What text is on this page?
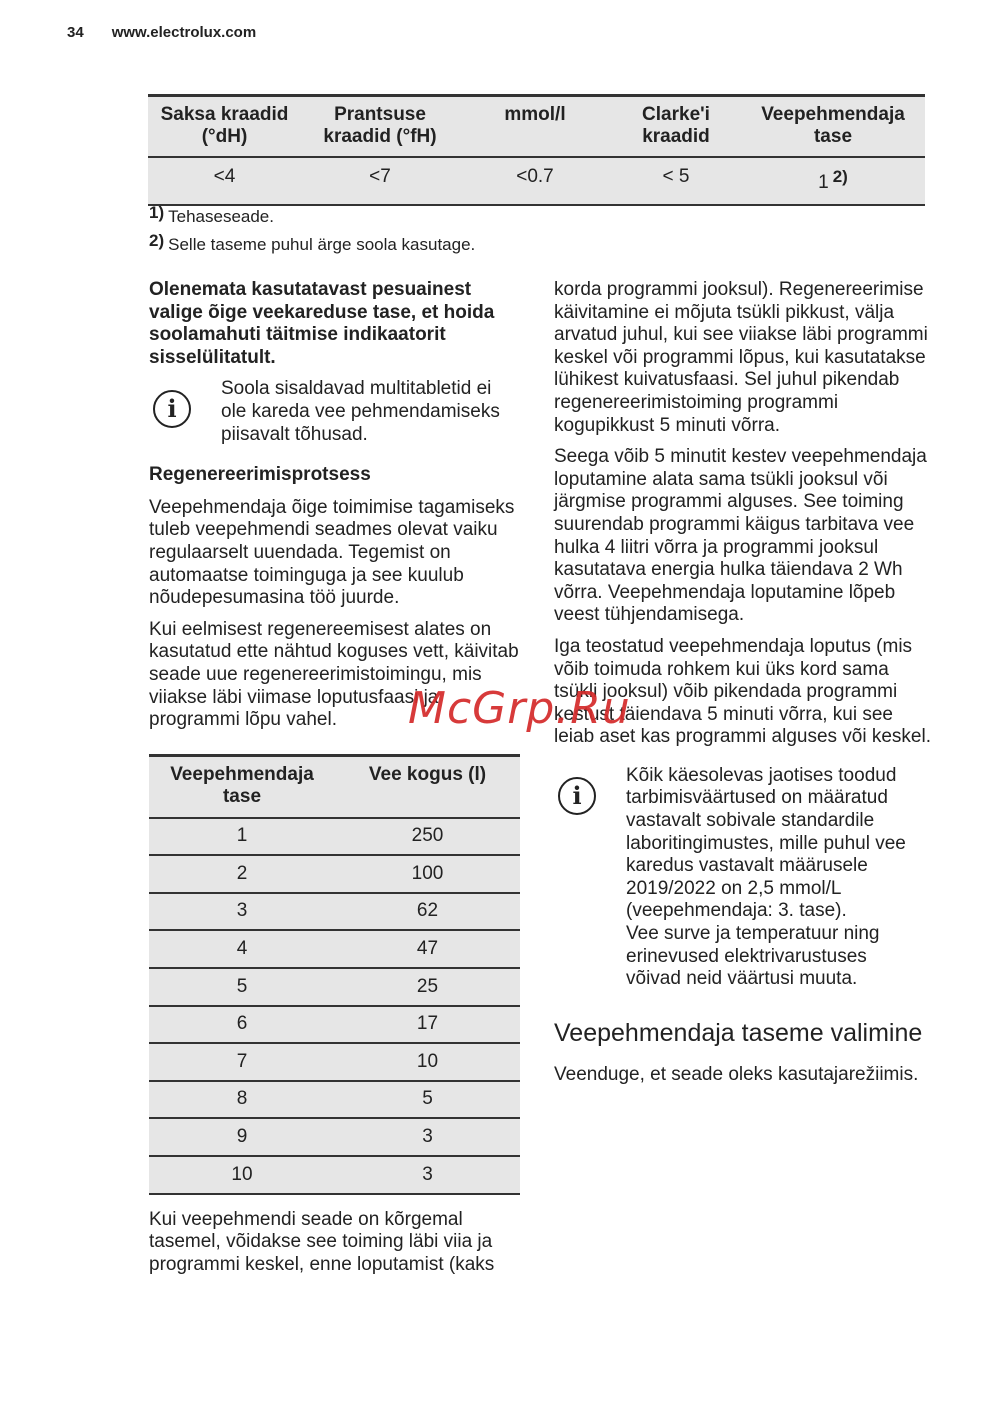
34 www.electrolux.com
Saksa kraadid (°dH)	Prantsuse kraadid (°fH)	mmol/l	Clarke'i kraadid	Veepehmendaja tase
<4	<7	<0.7	< 5	1 2)
1) Tehaseseade.
2) Selle taseme puhul ärge soola kasutage.

Olenemata kasutatavast pesuainest valige õige veekareduse tase, et hoida soolamahuti täitmise indikaatorit sisselülitatult.

i
Soola sisaldavad multitabletid ei ole kareda vee pehmendamiseks piisavalt tõhusad.
Regenereerimisprotsess

Veepehmendaja õige toimimise tagamiseks tuleb veepehmendi seadmes olevat vaiku regulaarselt uuendada. Tegemist on automaatse toiminguga ja see kuulub nõudepesumasina töö juurde.

Kui eelmisest regenereemisest alates on kasutatud ette nähtud koguses vett, käivitab seade uue regenereerimistoimingu, mis viiakse läbi viimase loputusfaasi ja programmi lõpu vahel.

Veepehmendaja tase	Vee kogus (l)
1	250
2	100
3	62
4	47
5	25
6	17
7	10
8	5
9	3
10	3

Kui veepehmendi seade on kõrgemal tasemel, võidakse see toiming läbi viia ja programmi keskel, enne loputamist (kaks

korda programmi jooksul). Regenereerimise käivitamine ei mõjuta tsükli pikkust, välja arvatud juhul, kui see viiakse läbi programmi keskel või programmi lõpus, kui kasutatakse lühikest kuivatusfaasi. Sel juhul pikendab regenereerimistoiming programmi kogupikkust 5 minuti võrra.

Seega võib 5 minutit kestev veepehmendaja loputamine alata sama tsükli jooksul või järgmise programmi alguses. See toiming suurendab programmi käigus tarbitava vee hulka 4 liitri võrra ja programmi jooksul kasutatava energia hulka täiendava 2 Wh võrra. Veepehmendaja loputamine lõpeb veest tühjendamisega.

Iga teostatud veepehmendaja loputus (mis võib toimuda rohkem kui üks kord sama tsükli jooksul) võib pikendada programmi kestust täiendava 5 minuti võrra, kui see leiab aset kas programmi alguses või keskel.

i
Kõik käesolevas jaotises toodud tarbimisväärtused on määratud vastavalt sobivale standardile laboritingimustes, mille puhul vee karedus vastavalt määrusele 2019/2022 on 2,5 mmol/L (veepehmendaja: 3. tase).
Vee surve ja temperatuur ning erinevused elektrivarustuses võivad neid väärtusi muuta.
Veepehmendaja taseme valimine

Veenduge, et seade oleks kasutajarežiimis.

McGrp.Ru
